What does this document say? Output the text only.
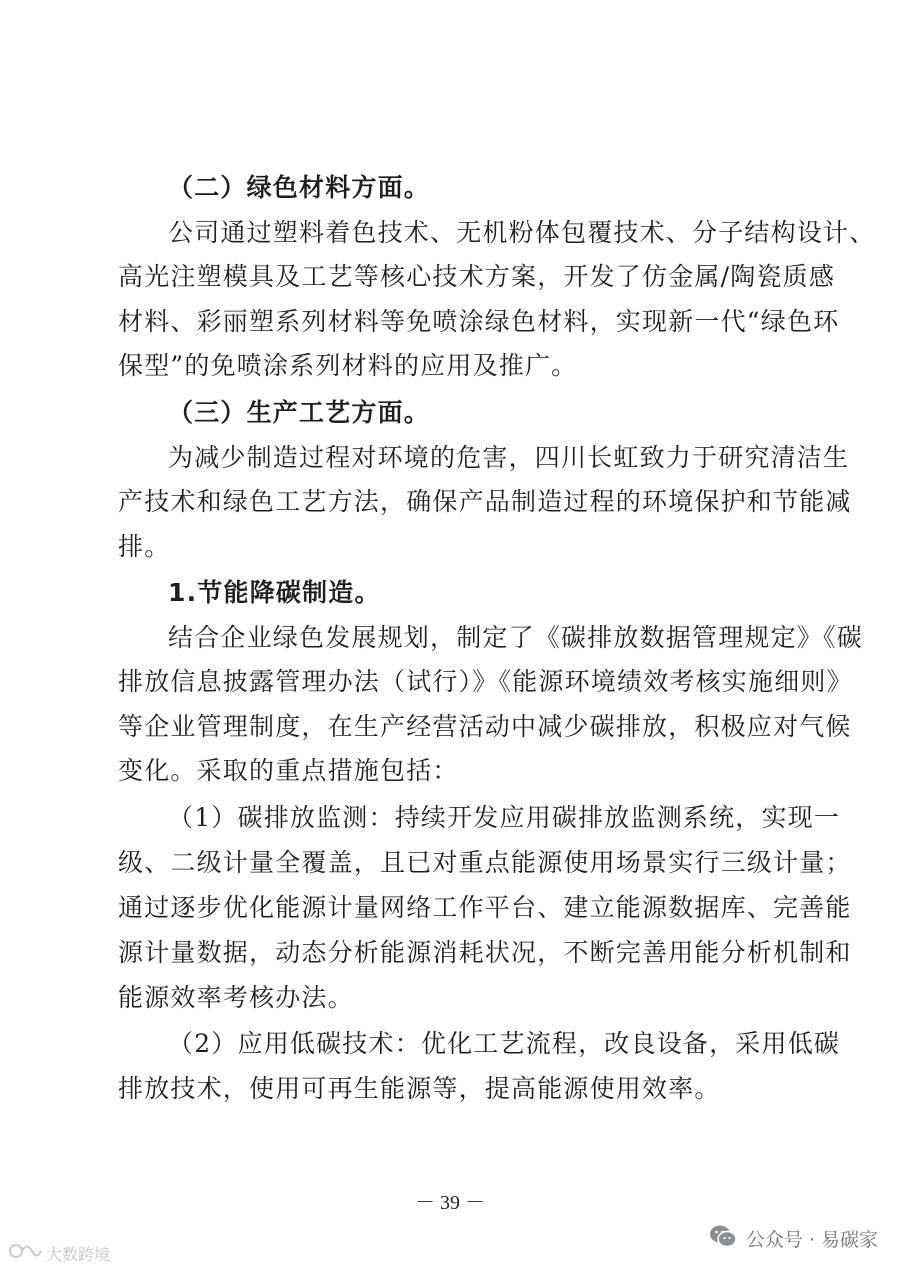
（二）绿色材料方面。
公司通过塑料着色技术、无机粉体包覆技术、分子结构设计、
高光注塑模具及工艺等核心技术方案，开发了仿金属/陶瓷质感
材料、彩丽塑系列材料等免喷涂绿色材料，实现新一代“绿色环
保型”的免喷涂系列材料的应用及推广。
（三）生产工艺方面。
为减少制造过程对环境的危害，四川长虹致力于研究清洁生
产技术和绿色工艺方法，确保产品制造过程的环境保护和节能减
排。
1.节能降碳制造。
结合企业绿色发展规划，制定了《碳排放数据管理规定》《碳
排放信息披露管理办法（试行）》《能源环境绩效考核实施细则》
等企业管理制度，在生产经营活动中减少碳排放，积极应对气候
变化。采取的重点措施包括：
（1）碳排放监测：持续开发应用碳排放监测系统，实现一
级、二级计量全覆盖，且已对重点能源使用场景实行三级计量；
通过逐步优化能源计量网络工作平台、建立能源数据库、完善能
源计量数据，动态分析能源消耗状况，不断完善用能分析机制和
能源效率考核办法。
（2）应用低碳技术：优化工艺流程，改良设备，采用低碳
排放技术，使用可再生能源等，提高能源使用效率。
－ 39 －
大数跨境
公众号 · 易碳家
